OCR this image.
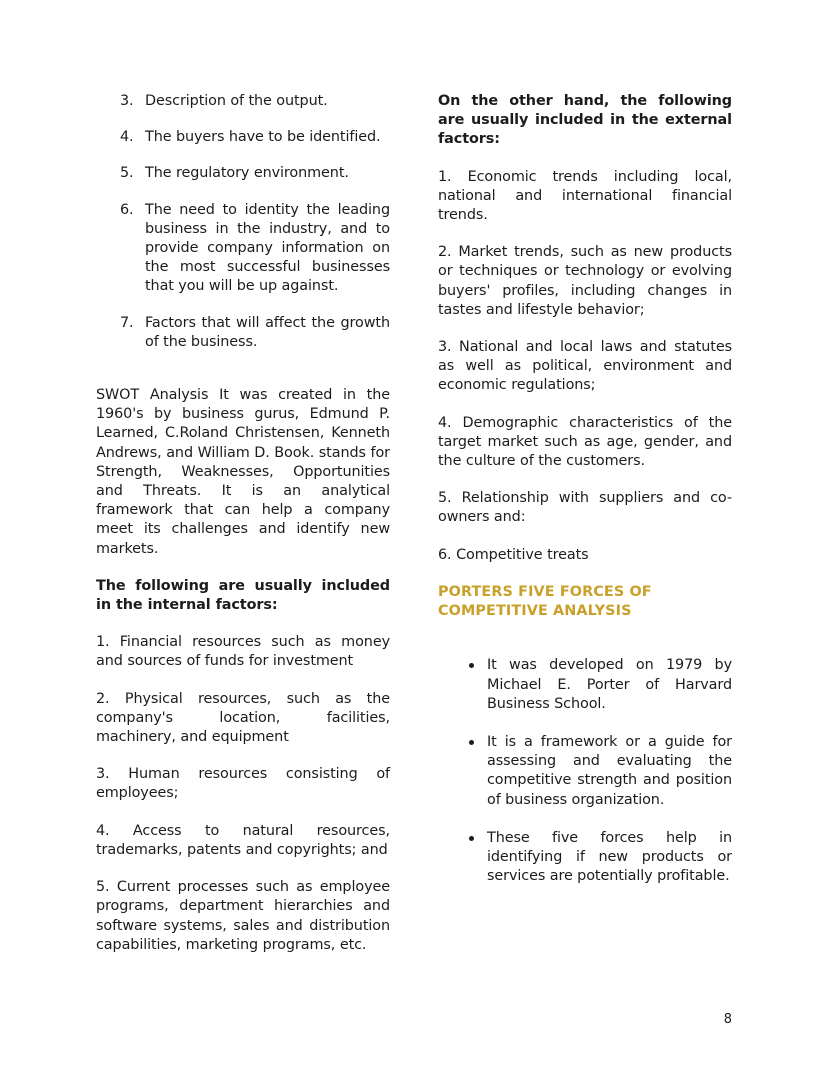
3. Description of the output.
4. The buyers have to be identified.
5. The regulatory environment.
6. The need to identity the leading business in the industry, and to provide company information on the most successful businesses that you will be up against.
7. Factors that will affect the growth of the business.

SWOT Analysis It was created in the 1960's by business gurus, Edmund P. Learned, C.Roland Christensen, Kenneth Andrews, and William D. Book. stands for Strength, Weaknesses, Opportunities and Threats. It is an analytical framework that can help a company meet its challenges and identify new markets.

The following are usually included in the internal factors:

1. Financial resources such as money and sources of funds for investment

2. Physical resources, such as the company's location, facilities, machinery, and equipment

3. Human resources consisting of employees;

4. Access to natural resources, trademarks, patents and copyrights; and

5. Current processes such as employee programs, department hierarchies and software systems, sales and distribution capabilities, marketing programs, etc.

On the other hand, the following are usually included in the external factors:

1. Economic trends including local, national and international financial trends.

2. Market trends, such as new products or techniques or technology or evolving buyers' profiles, including changes in tastes and lifestyle behavior;

3. National and local laws and statutes as well as political, environment and economic regulations;

4. Demographic characteristics of the target market such as age, gender, and the culture of the customers.

5. Relationship with suppliers and co-owners and:

6. Competitive treats

PORTERS FIVE FORCES OF
COMPETITIVE ANALYSIS
It was developed on 1979 by Michael E. Porter of Harvard Business School.
It is a framework or a guide for assessing and evaluating the competitive strength and position of business organization.
These five forces help in identifying if new products or services are potentially profitable.
8
